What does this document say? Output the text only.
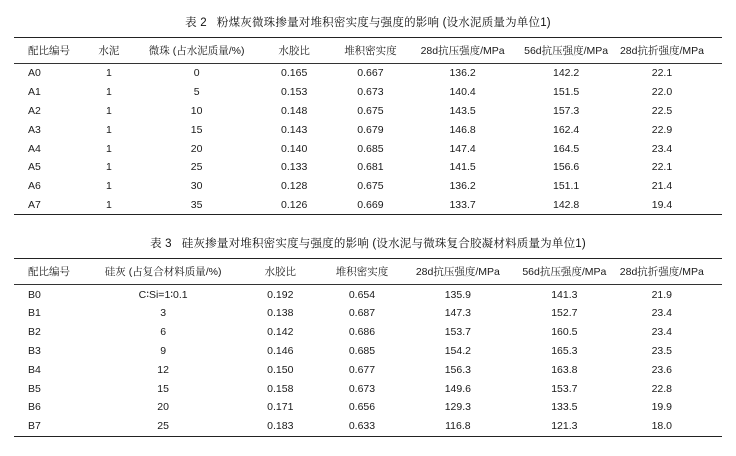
表 2 粉煤灰微珠掺量对堆积密实度与强度的影响 (设水泥质量为单位1)
配比编号	水泥	微珠 (占水泥质量/%)	水胶比	堆积密实度	28d抗压强度/MPa	56d抗压强度/MPa	28d抗折强度/MPa
A0	1	0	0.165	0.667	136.2	142.2	22.1
A1	1	5	0.153	0.673	140.4	151.5	22.0
A2	1	10	0.148	0.675	143.5	157.3	22.5
A3	1	15	0.143	0.679	146.8	162.4	22.9
A4	1	20	0.140	0.685	147.4	164.5	23.4
A5	1	25	0.133	0.681	141.5	156.6	22.1
A6	1	30	0.128	0.675	136.2	151.1	21.4
A7	1	35	0.126	0.669	133.7	142.8	19.4
表 3 硅灰掺量对堆积密实度与强度的影响 (设水泥与微珠复合胶凝材料质量为单位1)
配比编号	硅灰 (占复合材料质量/%)	水胶比	堆积密实度	28d抗压强度/MPa	56d抗压强度/MPa	28d抗折强度/MPa
B0	C∶Si=1∶0.1	0.192	0.654	135.9	141.3	21.9
B1	3	0.138	0.687	147.3	152.7	23.4
B2	6	0.142	0.686	153.7	160.5	23.4
B3	9	0.146	0.685	154.2	165.3	23.5
B4	12	0.150	0.677	156.3	163.8	23.6
B5	15	0.158	0.673	149.6	153.7	22.8
B6	20	0.171	0.656	129.3	133.5	19.9
B7	25	0.183	0.633	116.8	121.3	18.0
